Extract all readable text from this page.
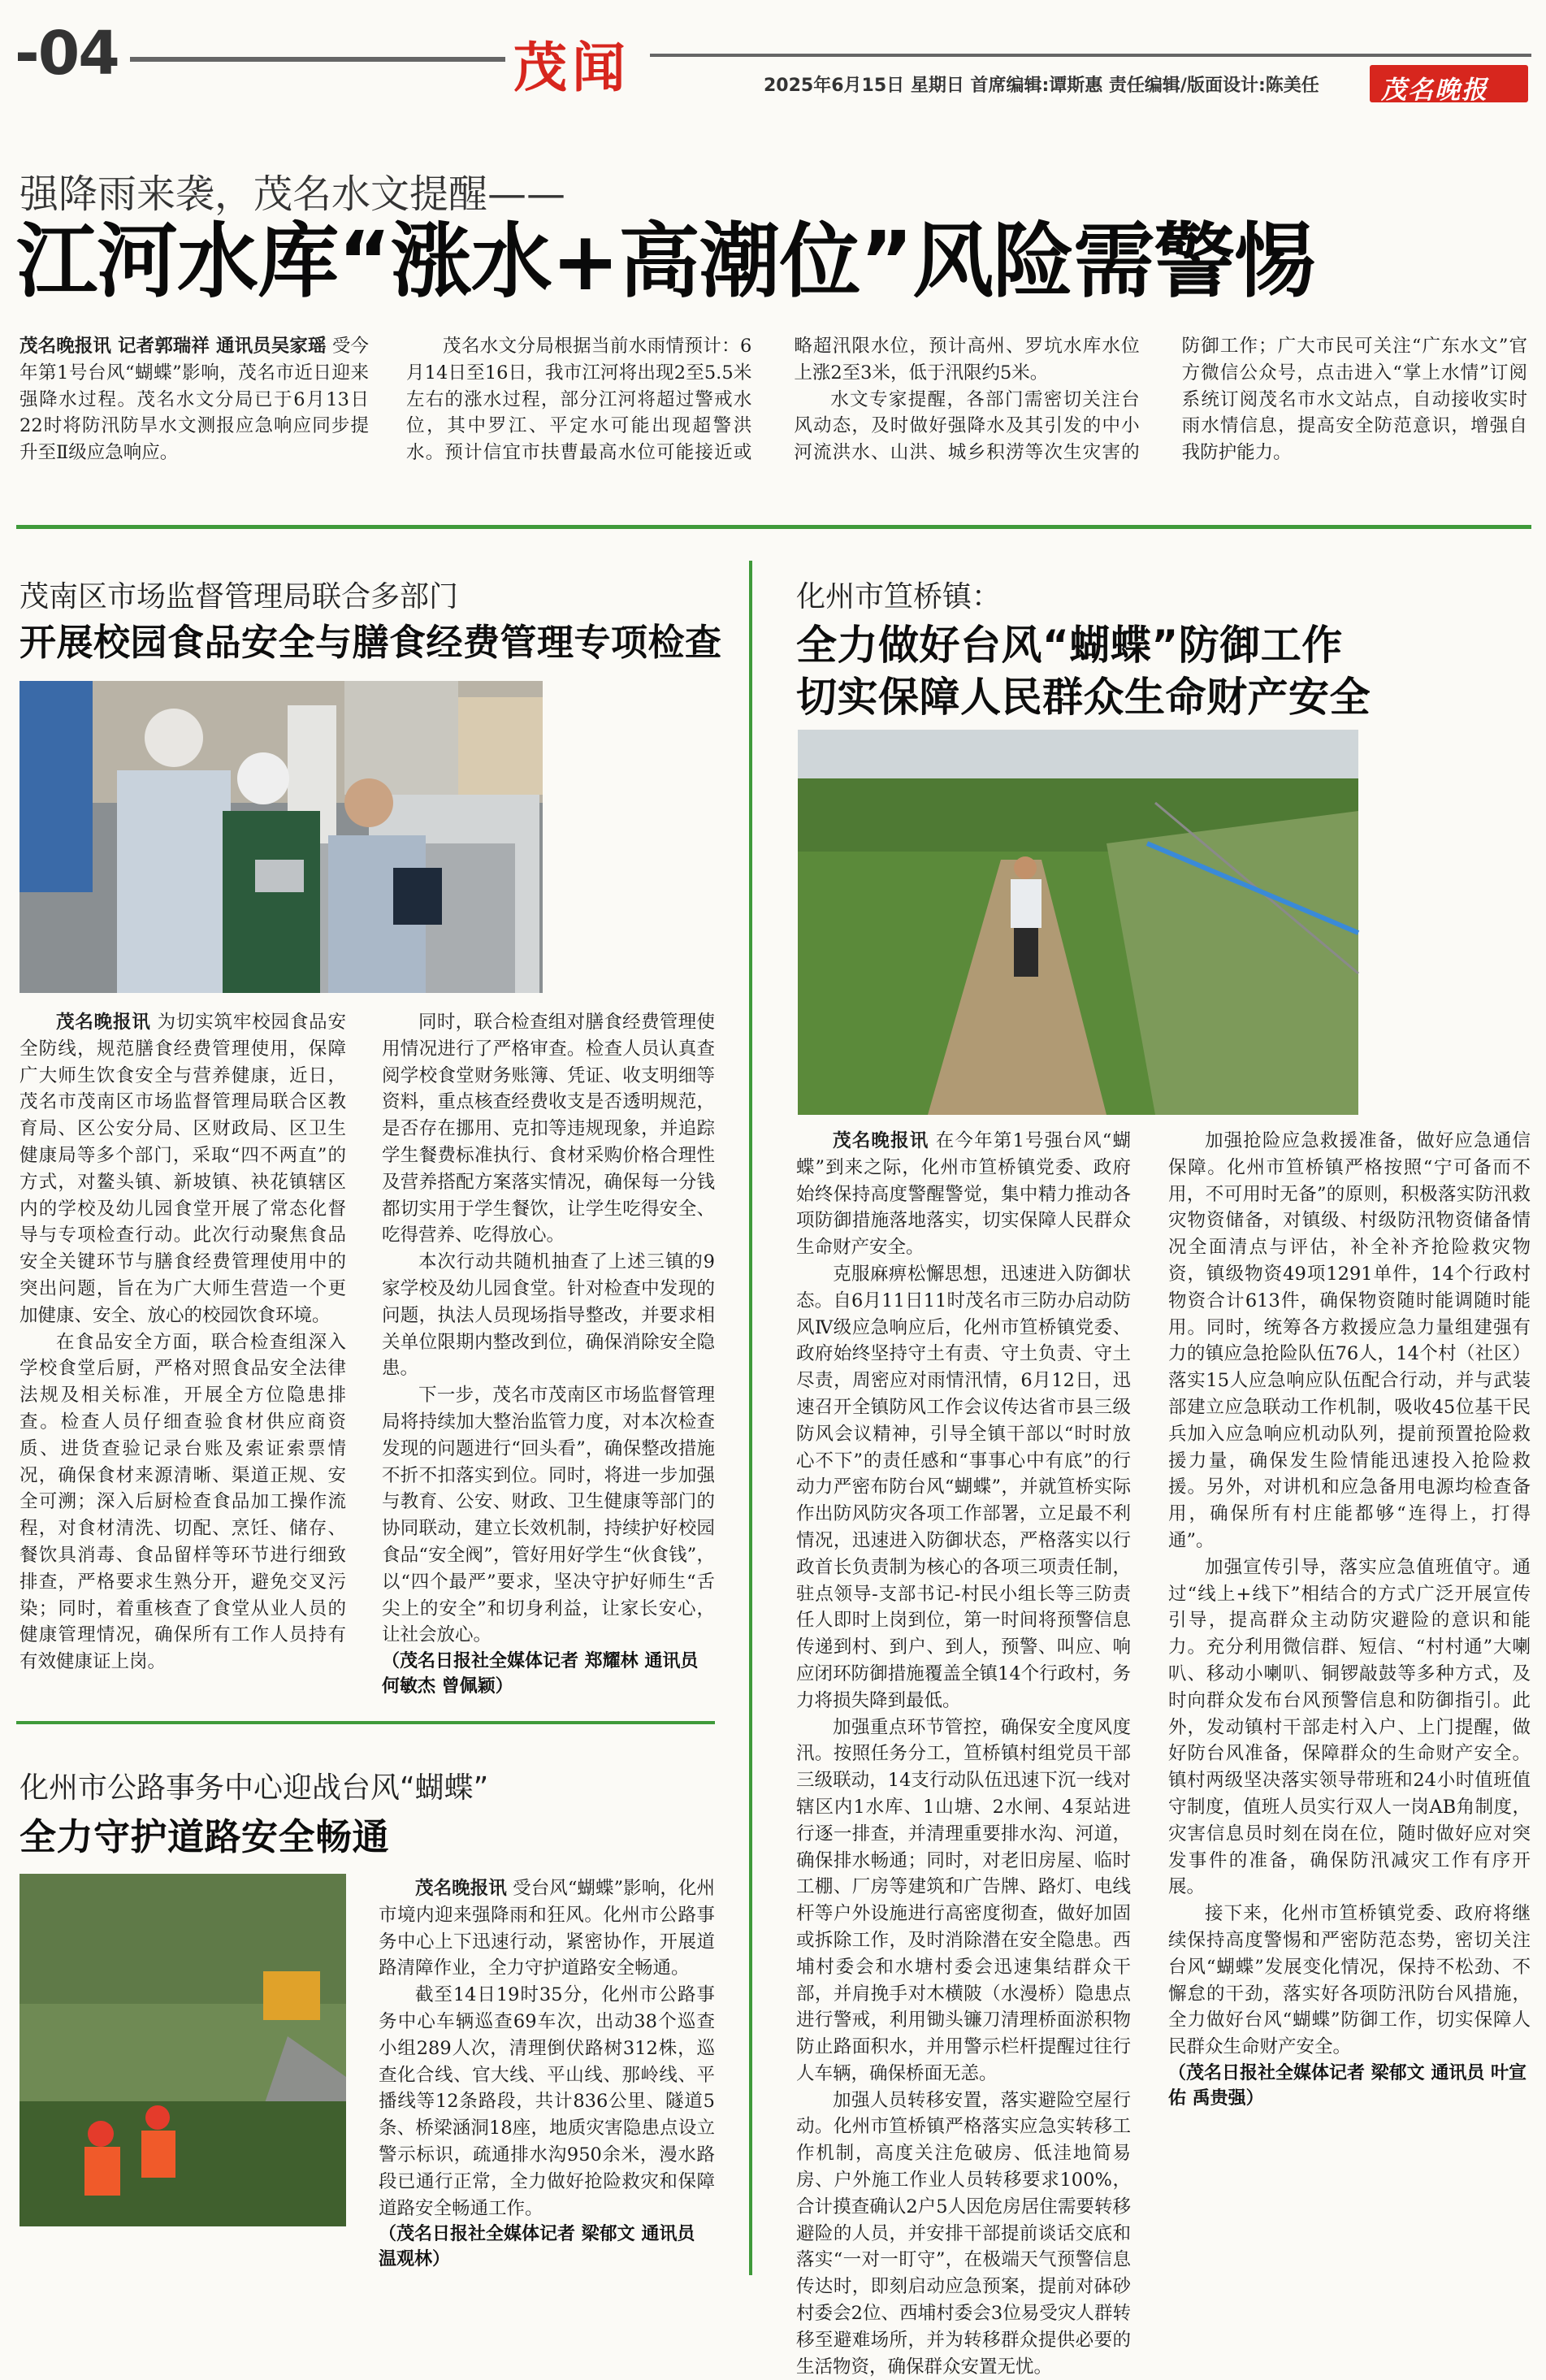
-04	茂闻	2025年6月15日 星期日 首席编辑:谭斯惠 责任编辑/版面设计:陈美任 茂名晚报
强降雨来袭，茂名水文提醒——
江河水库“涨水+高潮位”风险需警惕

茂名晚报讯 记者郭瑞祥 通讯员吴家瑶 受今年第1号台风“蝴蝶”影响，茂名市近日迎来强降水过程。茂名水文分局已于6月13日22时将防汛防旱水文测报应急响应同步提升至Ⅱ级应急响应。

茂名水文分局根据当前水雨情预计：6月14日至16日，我市江河将出现2至5.5米左右的涨水过程，部分江河将超过警戒水位，其中罗江、平定水可能出现超警洪水。预计信宜市扶曹最高水位可能接近或略超汛限水位，预计高州、罗坑水库水位上涨2至3米，低于汛限约5米。

水文专家提醒，各部门需密切关注台风动态，及时做好强降水及其引发的中小河流洪水、山洪、城乡积涝等次生灾害的防御工作；广大市民可关注“广东水文”官方微信公众号，点击进入“掌上水情”订阅系统订阅茂名市水文站点，自动接收实时雨水情信息，提高安全防范意识，增强自我防护能力。

茂南区市场监督管理局联合多部门
开展校园食品安全与膳食经费管理专项检查

茂名晚报讯 为切实筑牢校园食品安全防线，规范膳食经费管理使用，保障广大师生饮食安全与营养健康，近日，茂名市茂南区市场监督管理局联合区教育局、区公安分局、区财政局、区卫生健康局等多个部门，采取“四不两直”的方式，对鳌头镇、新坡镇、袂花镇辖区内的学校及幼儿园食堂开展了常态化督导与专项检查行动。此次行动聚焦食品安全关键环节与膳食经费管理使用中的突出问题，旨在为广大师生营造一个更加健康、安全、放心的校园饮食环境。

在食品安全方面，联合检查组深入学校食堂后厨，严格对照食品安全法律法规及相关标准，开展全方位隐患排查。检查人员仔细查验食材供应商资质、进货查验记录台账及索证索票情况，确保食材来源清晰、渠道正规、安全可溯；深入后厨检查食品加工操作流程，对食材清洗、切配、烹饪、储存、餐饮具消毒、食品留样等环节进行细致排查，严格要求生熟分开，避免交叉污染；同时，着重核查了食堂从业人员的健康管理情况，确保所有工作人员持有有效健康证上岗。

同时，联合检查组对膳食经费管理使用情况进行了严格审查。检查人员认真查阅学校食堂财务账簿、凭证、收支明细等资料，重点核查经费收支是否透明规范，是否存在挪用、克扣等违规现象，并追踪学生餐费标准执行、食材采购价格合理性及营养搭配方案落实情况，确保每一分钱都切实用于学生餐饮，让学生吃得安全、吃得营养、吃得放心。

本次行动共随机抽查了上述三镇的9家学校及幼儿园食堂。针对检查中发现的问题，执法人员现场指导整改，并要求相关单位限期内整改到位，确保消除安全隐患。

下一步，茂名市茂南区市场监督管理局将持续加大整治监管力度，对本次检查发现的问题进行“回头看”，确保整改措施不折不扣落实到位。同时，将进一步加强与教育、公安、财政、卫生健康等部门的协同联动，建立长效机制，持续护好校园食品“安全阀”，管好用好学生“伙食钱”，以“四个最严”要求，坚决守护好师生“舌尖上的安全”和切身利益，让家长安心，让社会放心。

（茂名日报社全媒体记者 郑耀林 通讯员 何敏杰 曾佩颖）

化州市公路事务中心迎战台风“蝴蝶”
全力守护道路安全畅通

茂名晚报讯 受台风“蝴蝶”影响，化州市境内迎来强降雨和狂风。化州市公路事务中心上下迅速行动，紧密协作，开展道路清障作业，全力守护道路安全畅通。

截至14日19时35分，化州市公路事务中心车辆巡查69车次，出动38个巡查小组289人次，清理倒伏路树312株，巡查化合线、官大线、平山线、那岭线、平播线等12条路段，共计836公里、隧道5条、桥梁涵洞18座，地质灾害隐患点设立警示标识，疏通排水沟950余米，漫水路段已通行正常，全力做好抢险救灾和保障道路安全畅通工作。

（茂名日报社全媒体记者 梁郁文 通讯员 温观林）

化州市笪桥镇：
全力做好台风“蝴蝶”防御工作
切实保障人民群众生命财产安全

茂名晚报讯 在今年第1号强台风“蝴蝶”到来之际，化州市笪桥镇党委、政府始终保持高度警醒警觉，集中精力推动各项防御措施落地落实，切实保障人民群众生命财产安全。

克服麻痹松懈思想，迅速进入防御状态。自6月11日11时茂名市三防办启动防风Ⅳ级应急响应后，化州市笪桥镇党委、政府始终坚持守土有责、守土负责、守土尽责，周密应对雨情汛情，6月12日，迅速召开全镇防风工作会议传达省市县三级防风会议精神，引导全镇干部以“时时放心不下”的责任感和“事事心中有底”的行动力严密布防台风“蝴蝶”，并就笪桥实际作出防风防灾各项工作部署，立足最不利情况，迅速进入防御状态，严格落实以行政首长负责制为核心的各项三项责任制，驻点领导-支部书记-村民小组长等三防责任人即时上岗到位，第一时间将预警信息传递到村、到户、到人，预警、叫应、响应闭环防御措施覆盖全镇14个行政村，务力将损失降到最低。

加强重点环节管控，确保安全度风度汛。按照任务分工，笪桥镇村组党员干部三级联动，14支行动队伍迅速下沉一线对辖区内1水库、1山塘、2水闸、4泵站进行逐一排查，并清理重要排水沟、河道，确保排水畅通；同时，对老旧房屋、临时工棚、厂房等建筑和广告牌、路灯、电线杆等户外设施进行高密度彻查，做好加固或拆除工作，及时消除潜在安全隐患。西埔村委会和水塘村委会迅速集结群众干部，并肩挽手对木横陂（水漫桥）隐患点进行警戒，利用锄头镰刀清理桥面淤积物防止路面积水，并用警示栏杆提醒过往行人车辆，确保桥面无恙。

加强人员转移安置，落实避险空屋行动。化州市笪桥镇严格落实应急实转移工作机制，高度关注危破房、低洼地简易房、户外施工作业人员转移要求100%，合计摸查确认2户5人因危房居住需要转移避险的人员，并安排干部提前谈话交底和落实“一对一盯守”，在极端天气预警信息传达时，即刻启动应急预案，提前对砵砂村委会2位、西埔村委会3位易受灾人群转移至避难场所，并为转移群众提供必要的生活物资，确保群众安置无忧。

加强抢险应急救援准备，做好应急通信保障。化州市笪桥镇严格按照“宁可备而不用，不可用时无备”的原则，积极落实防汛救灾物资储备，对镇级、村级防汛物资储备情况全面清点与评估，补全补齐抢险救灾物资，镇级物资49项1291单件，14个行政村物资合计613件，确保物资随时能调随时能用。同时，统筹各方救援应急力量组建强有力的镇应急抢险队伍76人，14个村（社区）落实15人应急响应队伍配合行动，并与武装部建立应急联动工作机制，吸收45位基干民兵加入应急响应机动队列，提前预置抢险救援力量，确保发生险情能迅速投入抢险救援。另外，对讲机和应急备用电源均检查备用，确保所有村庄能都够“连得上，打得通”。

加强宣传引导，落实应急值班值守。通过“线上+线下”相结合的方式广泛开展宣传引导，提高群众主动防灾避险的意识和能力。充分利用微信群、短信、“村村通”大喇叭、移动小喇叭、铜锣敲鼓等多种方式，及时向群众发布台风预警信息和防御指引。此外，发动镇村干部走村入户、上门提醒，做好防台风准备，保障群众的生命财产安全。镇村两级坚决落实领导带班和24小时值班值守制度，值班人员实行双人一岗AB角制度，灾害信息员时刻在岗在位，随时做好应对突发事件的准备，确保防汛减灾工作有序开展。

接下来，化州市笪桥镇党委、政府将继续保持高度警惕和严密防范态势，密切关注台风“蝴蝶”发展变化情况，保持不松劲、不懈怠的干劲，落实好各项防汛防台风措施，全力做好台风“蝴蝶”防御工作，切实保障人民群众生命财产安全。

（茂名日报社全媒体记者 梁郁文 通讯员 叶宣佑 禹贵强）
